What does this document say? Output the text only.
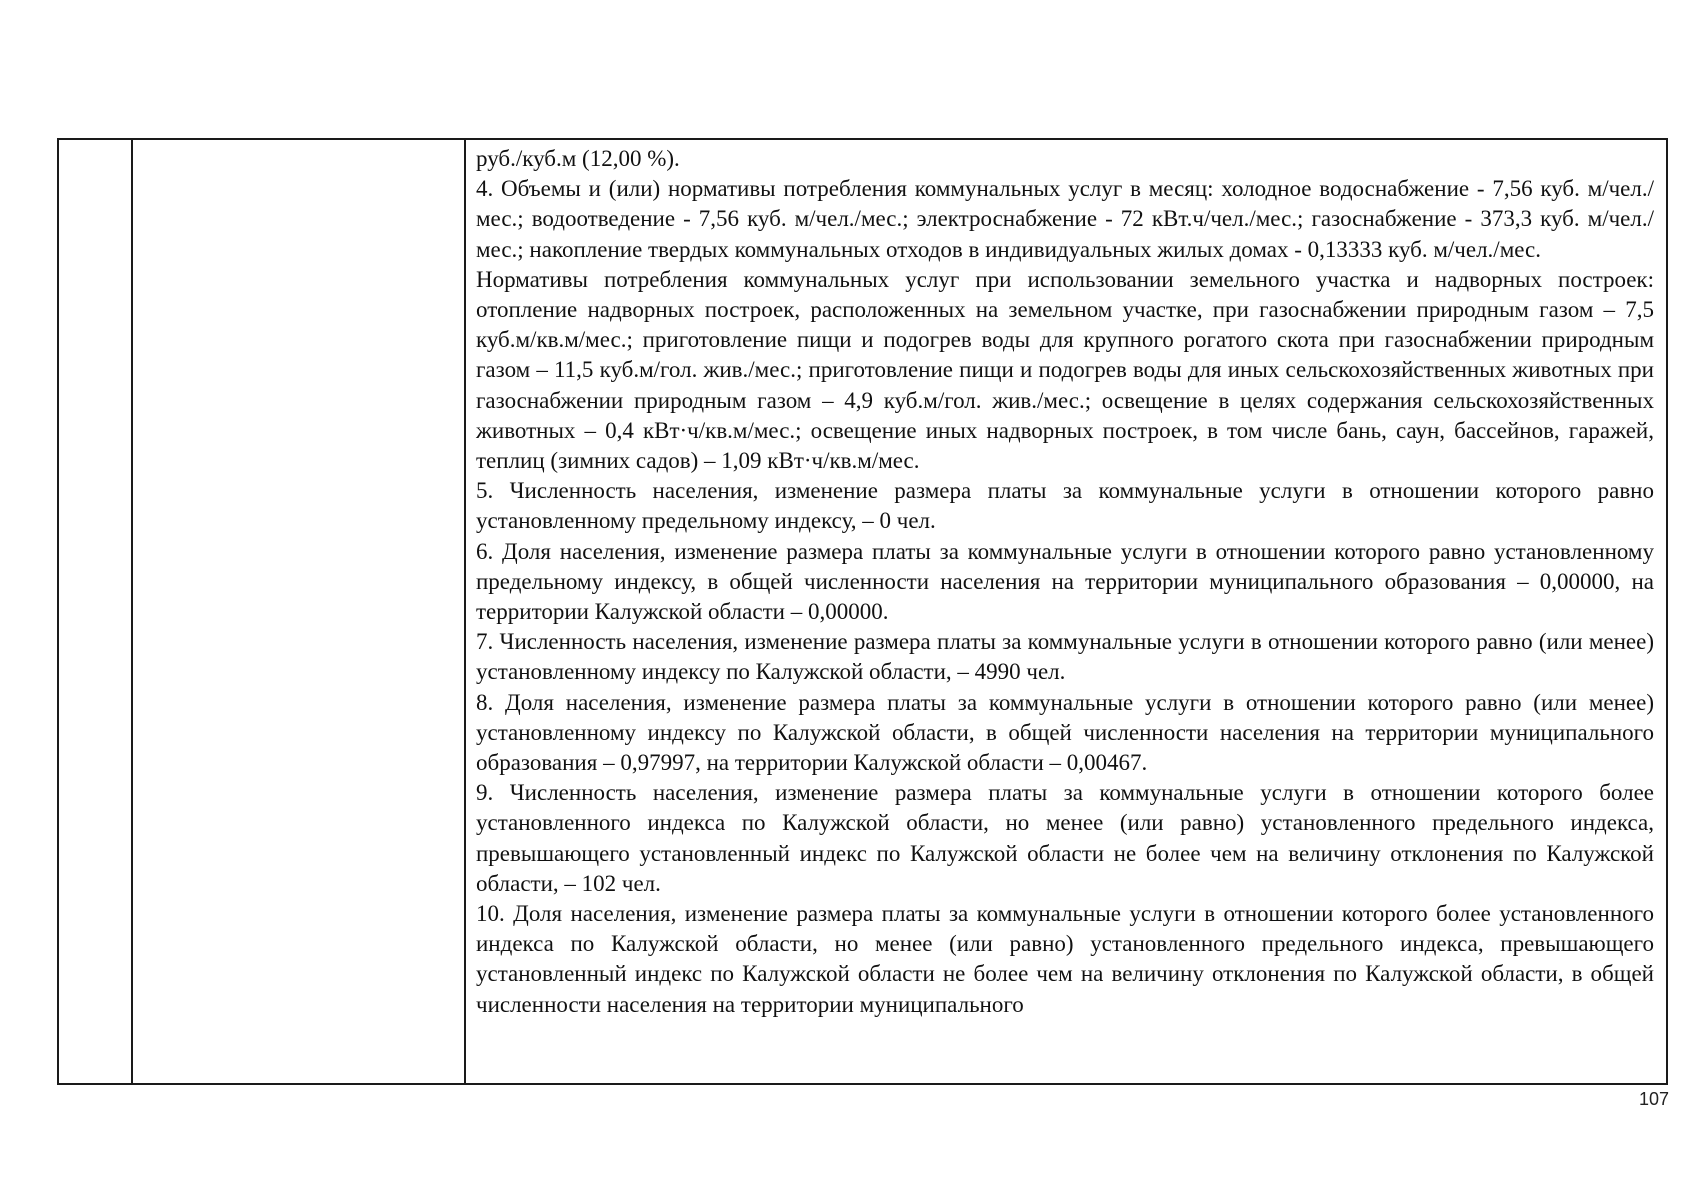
руб./куб.м (12,00 %).

4. Объемы и (или) нормативы потребления коммунальных услуг в месяц: холодное водоснабжение - 7,56 куб. м/чел./мес.; водоотведение - 7,56 куб. м/чел./мес.; электроснабжение - 72 кВт.ч/чел./мес.; газоснабжение - 373,3 куб. м/чел./мес.; накопление твердых коммунальных отходов в индивидуальных жилых домах - 0,13333 куб. м/чел./мес.

Нормативы потребления коммунальных услуг при использовании земельного участка и надворных построек: отопление надворных построек, расположенных на земельном участке, при газоснабжении природным газом – 7,5 куб.м/кв.м/мес.; приготовление пищи и подогрев воды для крупного рогатого скота при газоснабжении природным газом – 11,5 куб.м/гол. жив./мес.; приготовление пищи и подогрев воды для иных сельскохозяйственных животных при газоснабжении природным газом – 4,9 куб.м/гол. жив./мес.; освещение в целях содержания сельскохозяйственных животных – 0,4 кВт·ч/кв.м/мес.; освещение иных надворных построек, в том числе бань, саун, бассейнов, гаражей, теплиц (зимних садов) – 1,09 кВт·ч/кв.м/мес.

5. Численность населения, изменение размера платы за коммунальные услуги в отношении которого равно установленному предельному индексу, – 0 чел.

6. Доля населения, изменение размера платы за коммунальные услуги в отношении которого равно установленному предельному индексу, в общей численности населения на территории муниципального образования – 0,00000, на территории Калужской области – 0,00000.

7. Численность населения, изменение размера платы за коммунальные услуги в отношении которого равно (или менее) установленному индексу по Калужской области, – 4990 чел.

8. Доля населения, изменение размера платы за коммунальные услуги в отношении которого равно (или менее) установленному индексу по Калужской области, в общей численности населения на территории муниципального образования – 0,97997, на территории Калужской области – 0,00467.

9. Численность населения, изменение размера платы за коммунальные услуги в отношении которого более установленного индекса по Калужской области, но менее (или равно) установленного предельного индекса, превышающего установленный индекс по Калужской области не более чем на величину отклонения по Калужской области, – 102 чел.

10. Доля населения, изменение размера платы за коммунальные услуги в отношении которого более установленного индекса по Калужской области, но менее (или равно) установленного предельного индекса, превышающего установленный индекс по Калужской области не более чем на величину отклонения по Калужской области, в общей численности населения на территории муниципального

107
